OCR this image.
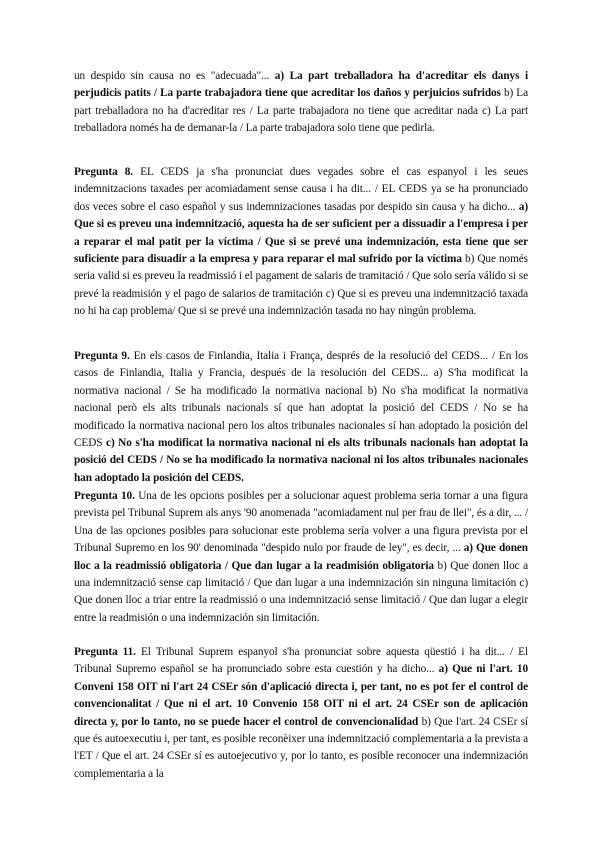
un despido sin causa no es "adecuada"... a) La part treballadora ha d'acreditar els danys i perjudicis patits / La parte trabajadora tiene que acreditar los daños y perjuicios sufridos b) La part treballadora no ha d'acreditar res / La parte trabajadora no tiene que acreditar nada c) La part treballadora només ha de demanar-la / La parte trabajadora solo tiene que pedirla.
Pregunta 8. EL CEDS ja s'ha pronunciat dues vegades sobre el cas espanyol i les seues indemnitzacions taxades per acomiadament sense causa i ha dit... / EL CEDS ya se ha pronunciado dos veces sobre el caso español y sus indemnizaciones tasadas por despido sin causa y ha dicho... a) Que si es preveu una indemnització, aquesta ha de ser suficient per a dissuadir a l'empresa i per a reparar el mal patit per la víctima / Que si se prevé una indemnización, esta tiene que ser suficiente para disuadir a la empresa y para reparar el mal sufrido por la víctima b) Que només seria valid si es preveu la readmissió i el pagament de salaris de tramitació / Que solo sería válido si se prevé la readmisión y el pago de salarios de tramitación c) Que si es preveu una indemnització taxada no hi ha cap problema/ Que si se prevé una indemnización tasada no hay ningún problema.
Pregunta 9. En els casos de Finlandia, Italia i França, després de la resolució del CEDS... / En los casos de Finlandia, Italia y Francia, después de la resolución del CEDS... a) S'ha modificat la normativa nacional / Se ha modificado la normativa nacional b) No s'ha modificat la normativa nacional però els alts tribunals nacionals sí que han adoptat la posició del CEDS / No se ha modificado la normativa nacional pero los altos tribunales nacionales sí han adoptado la posición del CEDS c) No s'ha modificat la normativa nacional ni els alts tribunals nacionals han adoptat la posició del CEDS / No se ha modificado la normativa nacional ni los altos tribunales nacionales han adoptado la posición del CEDS.
Pregunta 10. Una de les opcions posibles per a solucionar aquest problema seria tornar a una figura prevista pel Tribunal Suprem als anys '90 anomenada "acomiadament nul per frau de llei", és a dir, ... / Una de las opciones posibles para solucionar este problema sería volver a una figura prevista por el Tribunal Supremo en los 90' denominada "despido nulo por fraude de ley", es decir, ... a) Que donen lloc a la readmissió obligatoria / Que dan lugar a la readmisión obligatoria b) Que donen lloc a una indemnització sense cap limitació / Que dan lugar a una indemnización sin ninguna limitación c) Que donen lloc a triar entre la readmissió o una indemnització sense limitació / Que dan lugar a elegir entre la readmisión o una indemnización sin limitación.
Pregunta 11. El Tribunal Suprem espanyol s'ha pronunciat sobre aquesta qüestió i ha dit... / El Tribunal Supremo español se ha pronunciado sobre esta cuestión y ha dicho... a) Que ni l'art. 10 Conveni 158 OIT ni l'art 24 CSEr són d'aplicació directa i, per tant, no es pot fer el control de convencionalitat / Que ni el art. 10 Convenio 158 OIT ni el art. 24 CSEr son de aplicación directa y, por lo tanto, no se puede hacer el control de convencionalidad b) Que l'art. 24 CSEr sí que és autoexecutiu i, per tant, es posible reconèixer una indemnització complementaria a la prevista a l'ET / Que el art. 24 CSEr sí es autoejecutivo y, por lo tanto, es posible reconocer una indemnización complementaria a la
